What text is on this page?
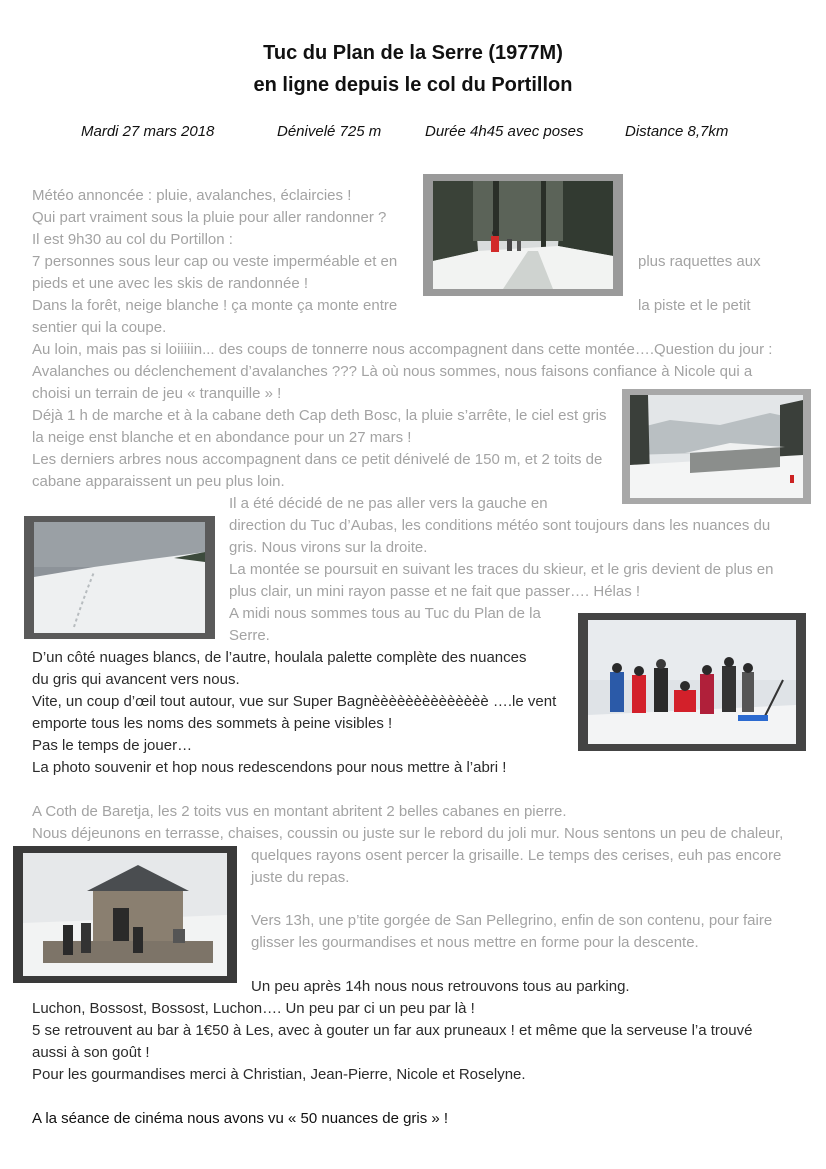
Tuc du Plan de la Serre (1977M)
en ligne depuis le col du Portillon
Mardi 27 mars 2018	Dénivelé 725 m	Durée 4h45 avec poses	Distance 8,7km
Météo annoncée : pluie, avalanches, éclaircies !
Qui part vraiment sous la pluie pour aller randonner ?
Il est 9h30 au col du Portillon :
7 personnes sous leur cap ou veste imperméable et en	plus raquettes aux
pieds et une avec les skis de randonnée !
Dans la forêt, neige blanche ! ça monte ça monte entre	la piste et le petit
sentier qui la coupe.
Au loin, mais pas si loiiiiin... des coups de tonnerre nous accompagnent dans cette montée….Question du jour :
Avalanches ou déclenchement d’avalanches ??? Là où nous sommes, nous faisons confiance à Nicole qui a
choisi un terrain de jeu « tranquille » !
Déjà 1 h de marche et à la cabane deth Cap deth Bosc, la pluie s’arrête, le ciel est gris
la neige enst blanche et en abondance pour un 27 mars !
Les derniers arbres nous accompagnent dans ce petit dénivelé de 150 m, et 2 toits de
cabane apparaissent un peu plus loin.
Il a été décidé de ne pas aller vers la gauche en
direction du Tuc d’Aubas, les conditions météo sont toujours dans les nuances du
gris. Nous virons sur la droite.
La montée se poursuit en suivant les traces du skieur, et le gris devient de plus en
plus clair, un mini rayon passe et ne fait que passer…. Hélas !
A midi nous sommes tous au Tuc du Plan de la
Serre.
D’un côté nuages blancs, de l’autre, houlala palette complète des nuances
du gris qui avancent vers nous.
Vite, un coup d’œil tout autour, vue sur Super Bagnèèèèèèèèèèèèèè ….le vent
emporte tous les noms des sommets à peine visibles !
Pas le temps de jouer…
La photo souvenir et hop nous redescendons pour nous mettre à l’abri !
A Coth de Baretja, les 2 toits vus en montant abritent 2 belles cabanes en pierre.
Nous déjeunons en terrasse, chaises, coussin ou juste sur le rebord du joli mur. Nous sentons un peu de chaleur,
quelques rayons osent percer la grisaille. Le temps des cerises, euh pas encore
juste du repas.
Vers 13h, une p’tite gorgée de San Pellegrino, enfin de son contenu, pour faire
glisser les gourmandises et nous mettre en forme pour la descente.
Un peu après 14h nous nous retrouvons tous au parking.
Luchon, Bossost, Bossost, Luchon…. Un peu par ci un peu par là !
5 se retrouvent au bar à 1€50 à Les, avec à gouter un far aux pruneaux ! et même que la serveuse l’a trouvé
aussi à son goût !
Pour les gourmandises merci à Christian, Jean-Pierre, Nicole et Roselyne.
A la séance de cinéma nous avons vu « 50 nuances de gris » !
